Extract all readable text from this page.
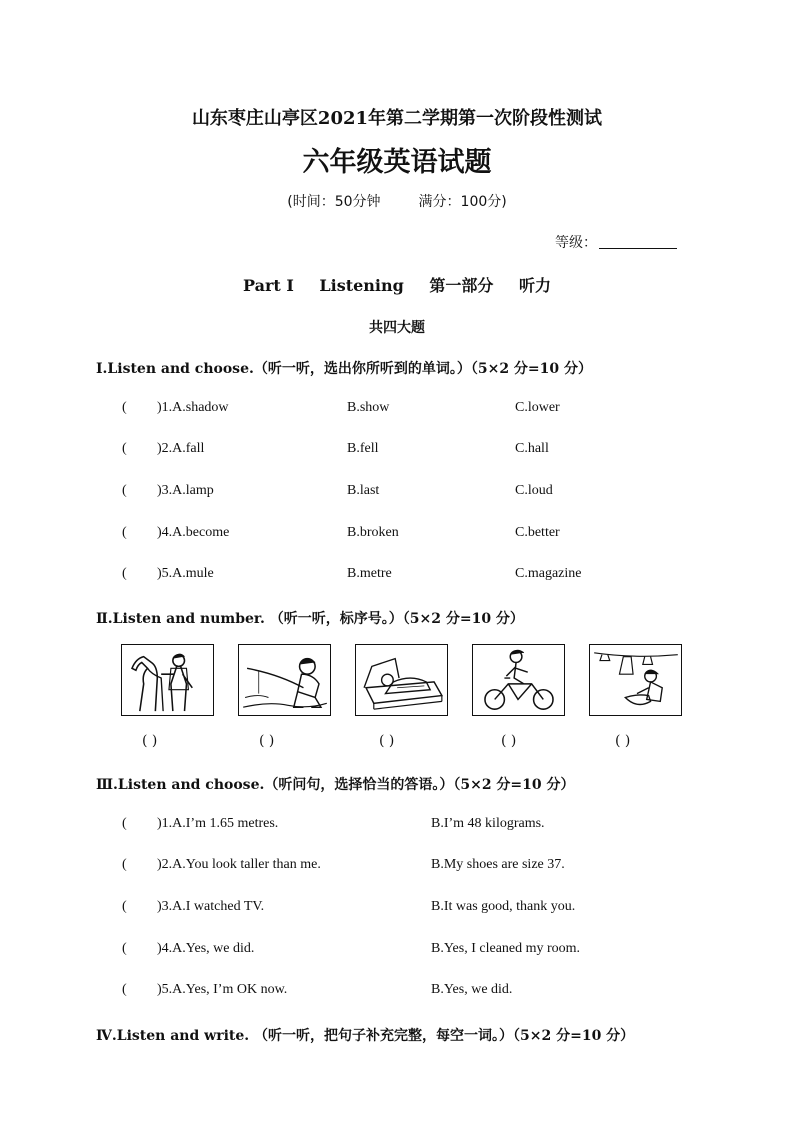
山东枣庄山亭区2021年第二学期第一次阶段性测试
六年级英语试题
(时间：50分钟	满分：100分)
等级：
Part Ⅰ Listening 第一部分 听力
共四大题
Ⅰ.Listen and choose.（听一听，选出你所听到的单词。）（5×2 分=10 分）
( )1.A.shadow	B.show	C.lower
( )2.A.fall	B.fell	C.hall
( )3.A.lamp	B.last	C.loud
( )4.A.become	B.broken	C.better
( )5.A.mule	B.metre	C.magazine
Ⅱ.Listen and number. （听一听，标序号。）（5×2 分=10 分）
( )	( )	( )	( )	( )
Ⅲ.Listen and choose.（听问句，选择恰当的答语。）（5×2 分=10 分）
( )1.A.I’m 1.65 metres.	B.I’m 48 kilograms.
( )2.A.You look taller than me.	B.My shoes are size 37.
( )3.A.I watched TV.	B.It was good, thank you.
( )4.A.Yes, we did.	B.Yes, I cleaned my room.
( )5.A.Yes, I’m OK now.	B.Yes, we did.
Ⅳ.Listen and write. （听一听，把句子补充完整，每空一词。）（5×2 分=10 分）
